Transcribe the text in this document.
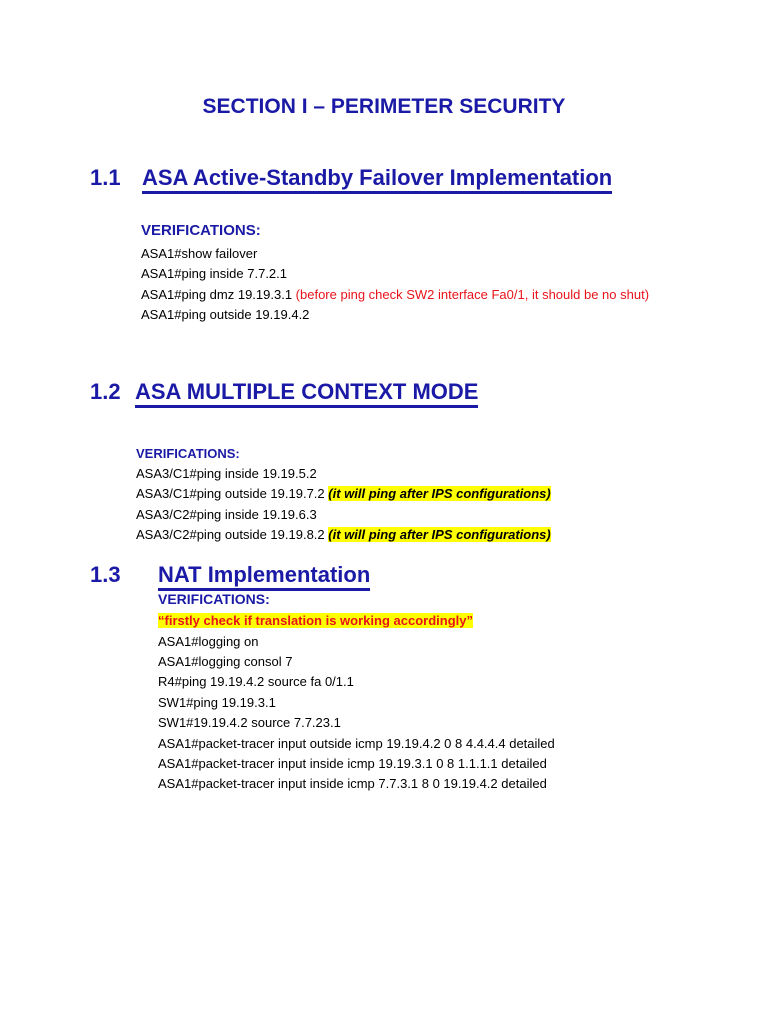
SECTION I – PERIMETER SECURITY
1.1 ASA Active-Standby Failover Implementation
VERIFICATIONS:
ASA1#show failover
ASA1#ping inside 7.7.2.1
ASA1#ping dmz 19.19.3.1 (before ping check SW2 interface Fa0/1, it should be no shut)
ASA1#ping outside 19.19.4.2
1.2 ASA MULTIPLE CONTEXT MODE
VERIFICATIONS:
ASA3/C1#ping inside 19.19.5.2
ASA3/C1#ping outside 19.19.7.2 (it will ping after IPS configurations)
ASA3/C2#ping inside 19.19.6.3
ASA3/C2#ping outside 19.19.8.2 (it will ping after IPS configurations)
1.3 NAT Implementation
VERIFICATIONS:
“firstly check if translation is working accordingly”
ASA1#logging on
ASA1#logging consol 7
R4#ping 19.19.4.2 source fa 0/1.1
SW1#ping 19.19.3.1
SW1#19.19.4.2 source 7.7.23.1
ASA1#packet-tracer input outside icmp 19.19.4.2 0 8 4.4.4.4 detailed
ASA1#packet-tracer input inside icmp 19.19.3.1 0 8 1.1.1.1 detailed
ASA1#packet-tracer input inside icmp 7.7.3.1 8 0 19.19.4.2 detailed
